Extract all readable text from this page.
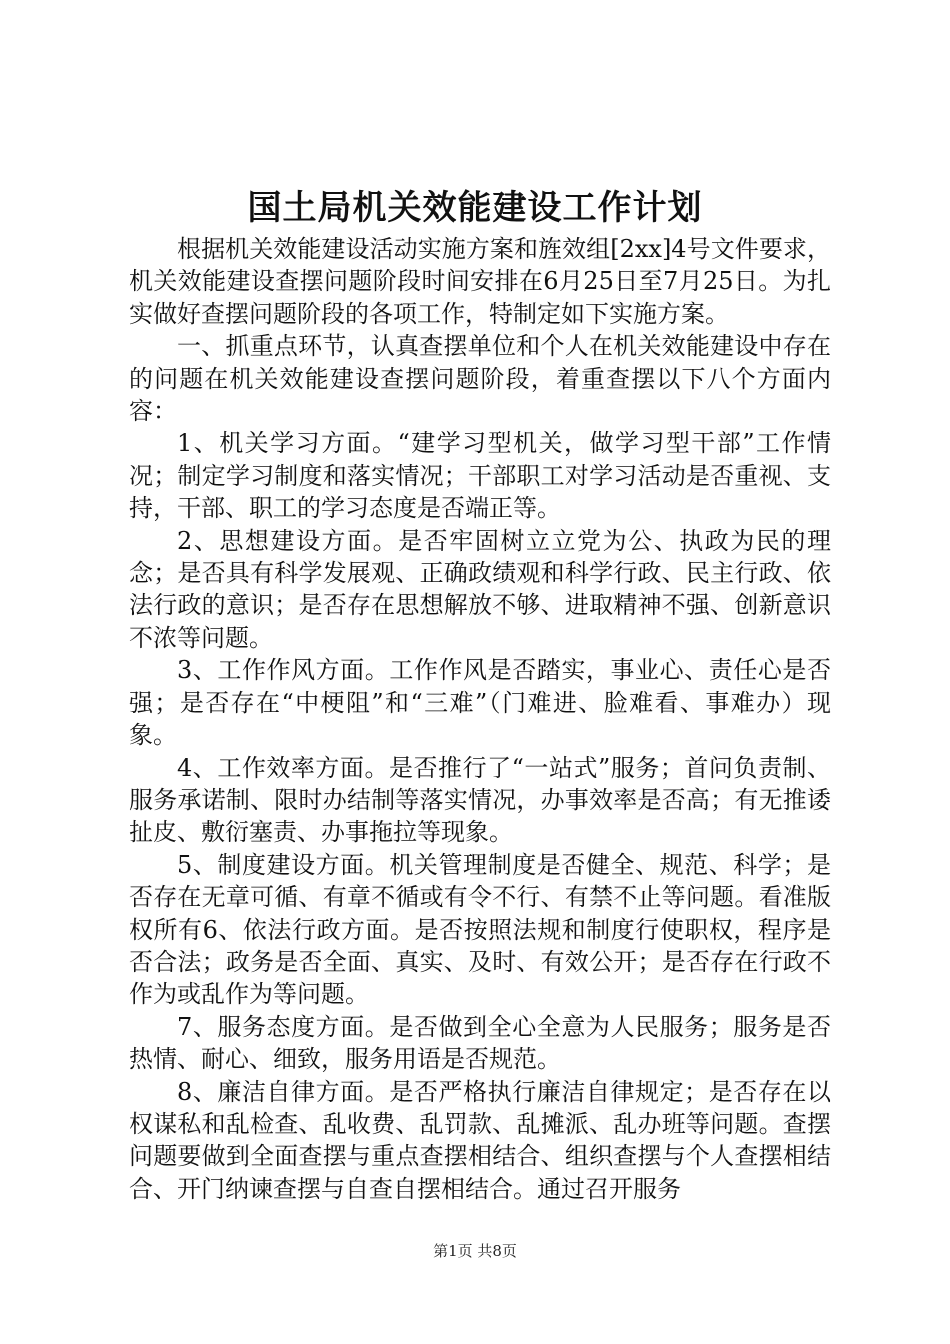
国土局机关效能建设工作计划

根据机关效能建设活动实施方案和旌效组[2xx]4号文件要求，机关效能建设查摆问题阶段时间安排在6月25日至7月25日。为扎实做好查摆问题阶段的各项工作，特制定如下实施方案。

一、抓重点环节，认真查摆单位和个人在机关效能建设中存在的问题在机关效能建设查摆问题阶段，着重查摆以下八个方面内容：

1、机关学习方面。“建学习型机关，做学习型干部”工作情况；制定学习制度和落实情况；干部职工对学习活动是否重视、支持，干部、职工的学习态度是否端正等。

2、思想建设方面。是否牢固树立立党为公、执政为民的理念；是否具有科学发展观、正确政绩观和科学行政、民主行政、依法行政的意识；是否存在思想解放不够、进取精神不强、创新意识不浓等问题。

3、工作作风方面。工作作风是否踏实，事业心、责任心是否强；是否存在“中梗阻”和“三难”（门难进、脸难看、事难办）现象。

4、工作效率方面。是否推行了“一站式”服务；首问负责制、服务承诺制、限时办结制等落实情况，办事效率是否高；有无推诿扯皮、敷衍塞责、办事拖拉等现象。

5、制度建设方面。机关管理制度是否健全、规范、科学；是否存在无章可循、有章不循或有令不行、有禁不止等问题。看准版权所有6、依法行政方面。是否按照法规和制度行使职权，程序是否合法；政务是否全面、真实、及时、有效公开；是否存在行政不作为或乱作为等问题。

7、服务态度方面。是否做到全心全意为人民服务；服务是否热情、耐心、细致，服务用语是否规范。

8、廉洁自律方面。是否严格执行廉洁自律规定；是否存在以权谋私和乱检查、乱收费、乱罚款、乱摊派、乱办班等问题。查摆问题要做到全面查摆与重点查摆相结合、组织查摆与个人查摆相结合、开门纳谏查摆与自查自摆相结合。通过召开服务

第1页 共8页
